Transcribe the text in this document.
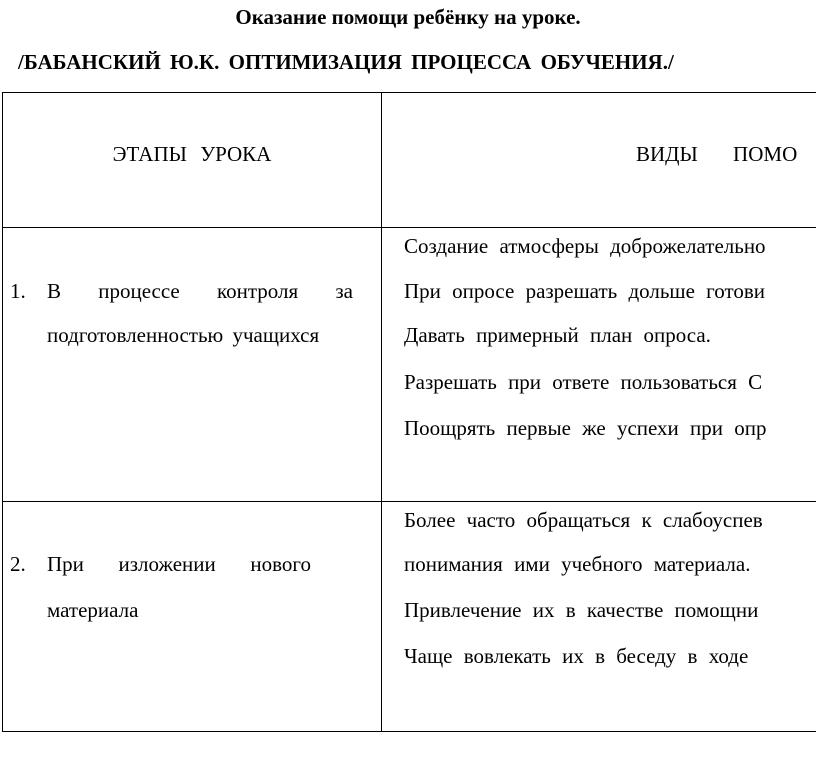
Оказание помощи ребёнку на уроке.
/БАБАНСКИЙ Ю.К. ОПТИМИЗАЦИЯ ПРОЦЕССА ОБУЧЕНИЯ./
ЭТАПЫ УРОКА	ВИДЫ ПОМО
1. В процессе контроля за
подготовленностью учащихся
Создание атмосферы доброжелательно
При опросе разрешать дольше готови
Давать примерный план опроса.
Разрешать при ответе пользоваться С
Поощрять первые же успехи при опр
2. При изложении нового
материала
Более часто обращаться к слабоуспев
понимания ими учебного материала.
Привлечение их в качестве помощни
Чаще вовлекать их в беседу в ходе
